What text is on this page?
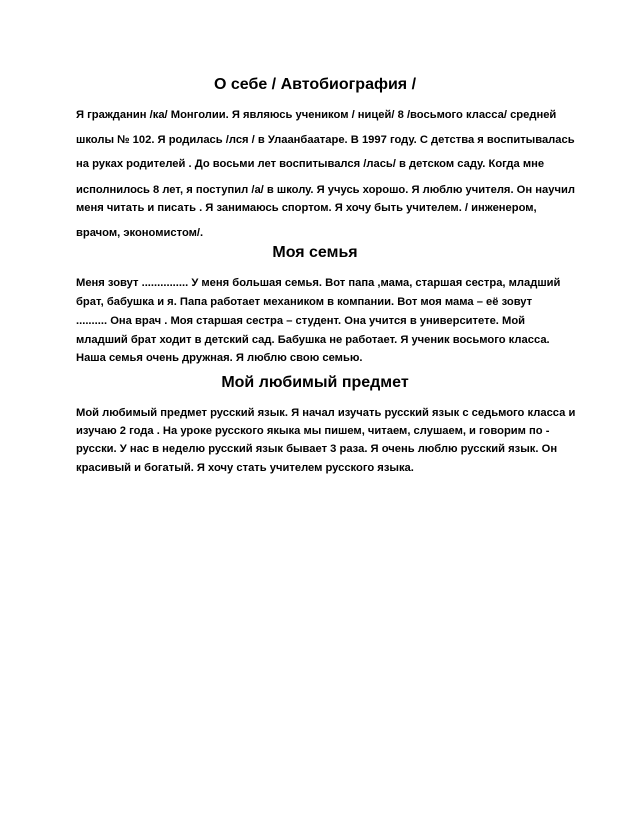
О себе / Автобиография /
Я гражданин /ка/ Монголии. Я являюсь учеником / ницей/ 8 /восьмого класса/ средней
школы № 102. Я родилась /лся / в Улаанбаатаре. В 1997 году. С детства я воспитывалась
на руках родителей . До восьми лет воспитывался /лась/ в детском саду. Когда мне
исполнилось 8 лет, я поступил /а/ в школу. Я учусь хорошо. Я люблю учителя. Он научил
меня читать и писать . Я занимаюсь спортом. Я хочу быть учителем. / инженером,
врачом, экономистом/.
Моя семья
Меня зовут ............... У меня большая семья. Вот папа ,мама, старшая сестра, младший
брат, бабушка и я. Папа работает механиком в компании. Вот моя мама – её зовут
.......... Она врач . Моя старшая сестра – студент. Она учится в университете. Мой
младший брат ходит в детский сад. Бабушка не работает. Я ученик восьмого класса.
Наша семья очень дружная. Я люблю свою семью.
Мой любимый предмет
Мой любимый предмет русский язык. Я начал изучать русский язык с седьмого класса и
изучаю 2 года . На уроке русского якыка мы пишем, читаем, слушаем, и говорим по -
русски. У нас в неделю русский язык бывает 3 раза. Я очень люблю русский язык. Он
красивый и богатый. Я хочу стать учителем русского языка.
